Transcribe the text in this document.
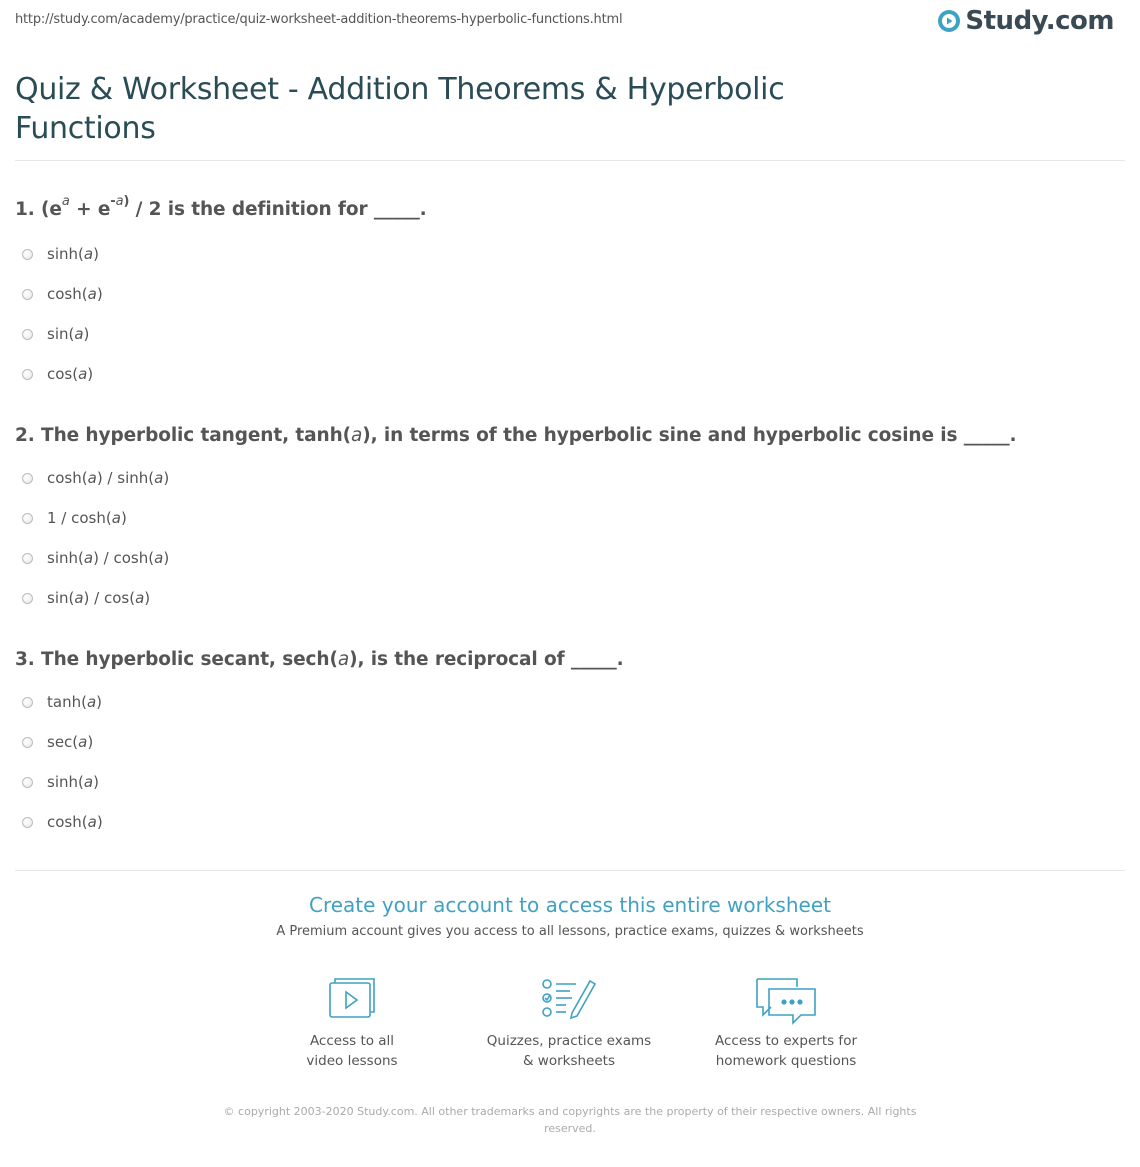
http://study.com/academy/practice/quiz-worksheet-addition-theorems-hyperbolic-functions.html	Study.com
Quiz & Worksheet - Addition Theorems & Hyperbolic Functions
1. ($e^a + e^{-a)} / 2$ is the definition for _____.
sinh( a )
cosh( a )
sin( a )
cos( a )
2. The hyperbolic tangent, tanh(a), in terms of the hyperbolic sine and hyperbolic cosine is _____.
cosh( a ) / sinh( a )
1 / cosh( a )
sinh( a ) / cosh( a )
sin( a ) / cos( a )
3. The hyperbolic secant, sech(a), is the reciprocal of _____.
tanh( a )
sec( a )
sinh( a )
cosh( a )
Create your account to access this entire worksheet
A Premium account gives you access to all lessons, practice exams, quizzes & worksheets
Access to all
video lessons
Quizzes, practice exams
& worksheets
Access to experts for
homework questions
© copyright 2003-2020 Study.com. All other trademarks and copyrights are the property of their respective owners. All rights reserved.
